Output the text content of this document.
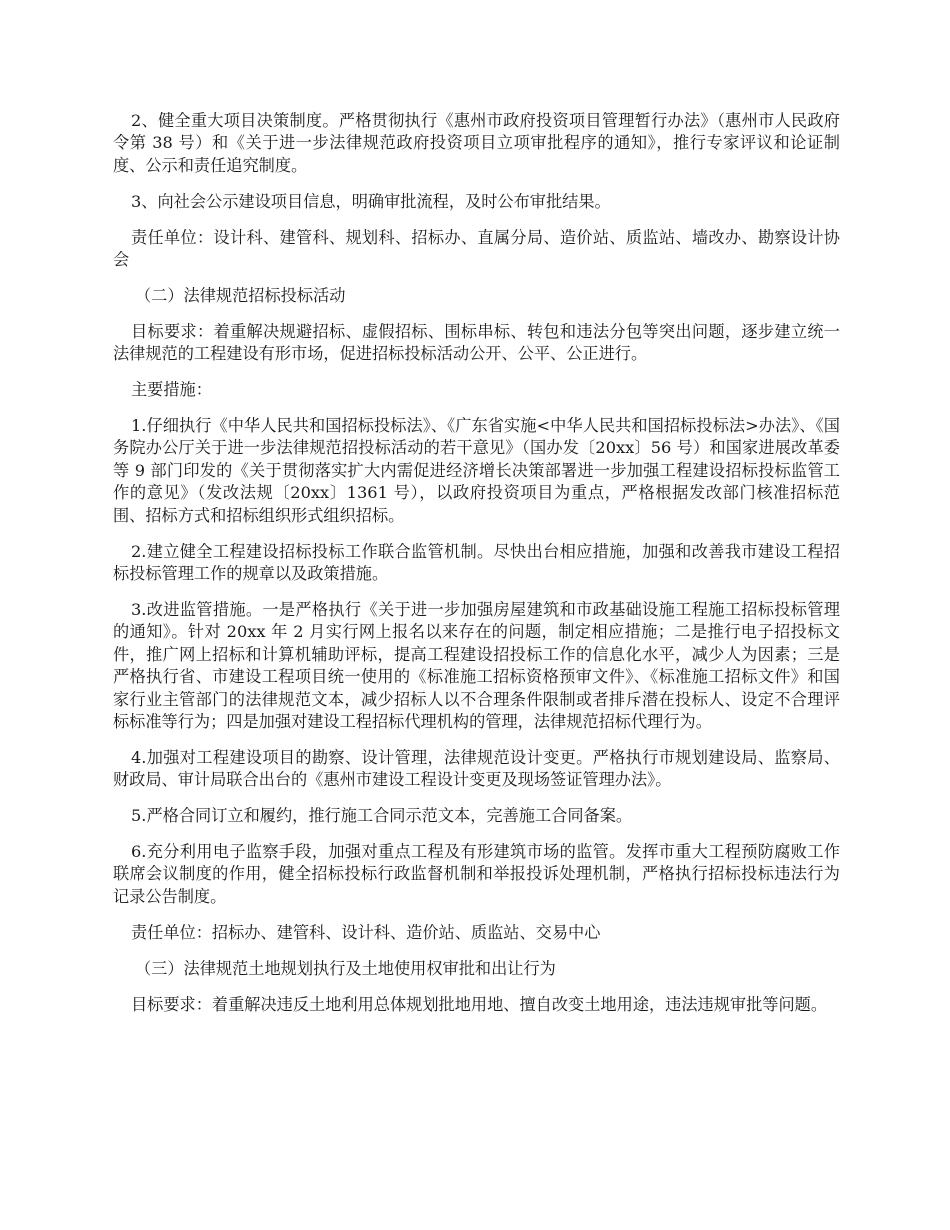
2、健全重大项目决策制度。严格贯彻执行《惠州市政府投资项目管理暂行办法》（惠州市人民政府令第 38 号）和《关于进一步法律规范政府投资项目立项审批程序的通知》，推行专家评议和论证制度、公示和责任追究制度。

3、向社会公示建设项目信息，明确审批流程，及时公布审批结果。

责任单位：设计科、建管科、规划科、招标办、直属分局、造价站、质监站、墙改办、勘察设计协会

（二）法律规范招标投标活动

目标要求：着重解决规避招标、虚假招标、围标串标、转包和违法分包等突出问题，逐步建立统一法律规范的工程建设有形市场，促进招标投标活动公开、公平、公正进行。

主要措施：

1.仔细执行《中华人民共和国招标投标法》、《广东省实施<中华人民共和国招标投标法>办法》、《国务院办公厅关于进一步法律规范招投标活动的若干意见》（国办发〔20xx〕56 号）和国家进展改革委等 9 部门印发的《关于贯彻落实扩大内需促进经济增长决策部署进一步加强工程建设招标投标监管工作的意见》（发改法规〔20xx〕1361 号），以政府投资项目为重点，严格根据发改部门核准招标范围、招标方式和招标组织形式组织招标。

2.建立健全工程建设招标投标工作联合监管机制。尽快出台相应措施，加强和改善我市建设工程招标投标管理工作的规章以及政策措施。

3.改进监管措施。一是严格执行《关于进一步加强房屋建筑和市政基础设施工程施工招标投标管理的通知》。针对 20xx 年 2 月实行网上报名以来存在的问题，制定相应措施；二是推行电子招投标文件，推广网上招标和计算机辅助评标，提高工程建设招投标工作的信息化水平，减少人为因素；三是严格执行省、市建设工程项目统一使用的《标准施工招标资格预审文件》、《标准施工招标文件》和国家行业主管部门的法律规范文本，减少招标人以不合理条件限制或者排斥潜在投标人、设定不合理评标标准等行为；四是加强对建设工程招标代理机构的管理，法律规范招标代理行为。

4.加强对工程建设项目的勘察、设计管理，法律规范设计变更。严格执行市规划建设局、监察局、财政局、审计局联合出台的《惠州市建设工程设计变更及现场签证管理办法》。

5.严格合同订立和履约，推行施工合同示范文本，完善施工合同备案。

6.充分利用电子监察手段，加强对重点工程及有形建筑市场的监管。发挥市重大工程预防腐败工作联席会议制度的作用，健全招标投标行政监督机制和举报投诉处理机制，严格执行招标投标违法行为记录公告制度。

责任单位：招标办、建管科、设计科、造价站、质监站、交易中心

（三）法律规范土地规划执行及土地使用权审批和出让行为

目标要求：着重解决违反土地利用总体规划批地用地、擅自改变土地用途，违法违规审批等问题。
